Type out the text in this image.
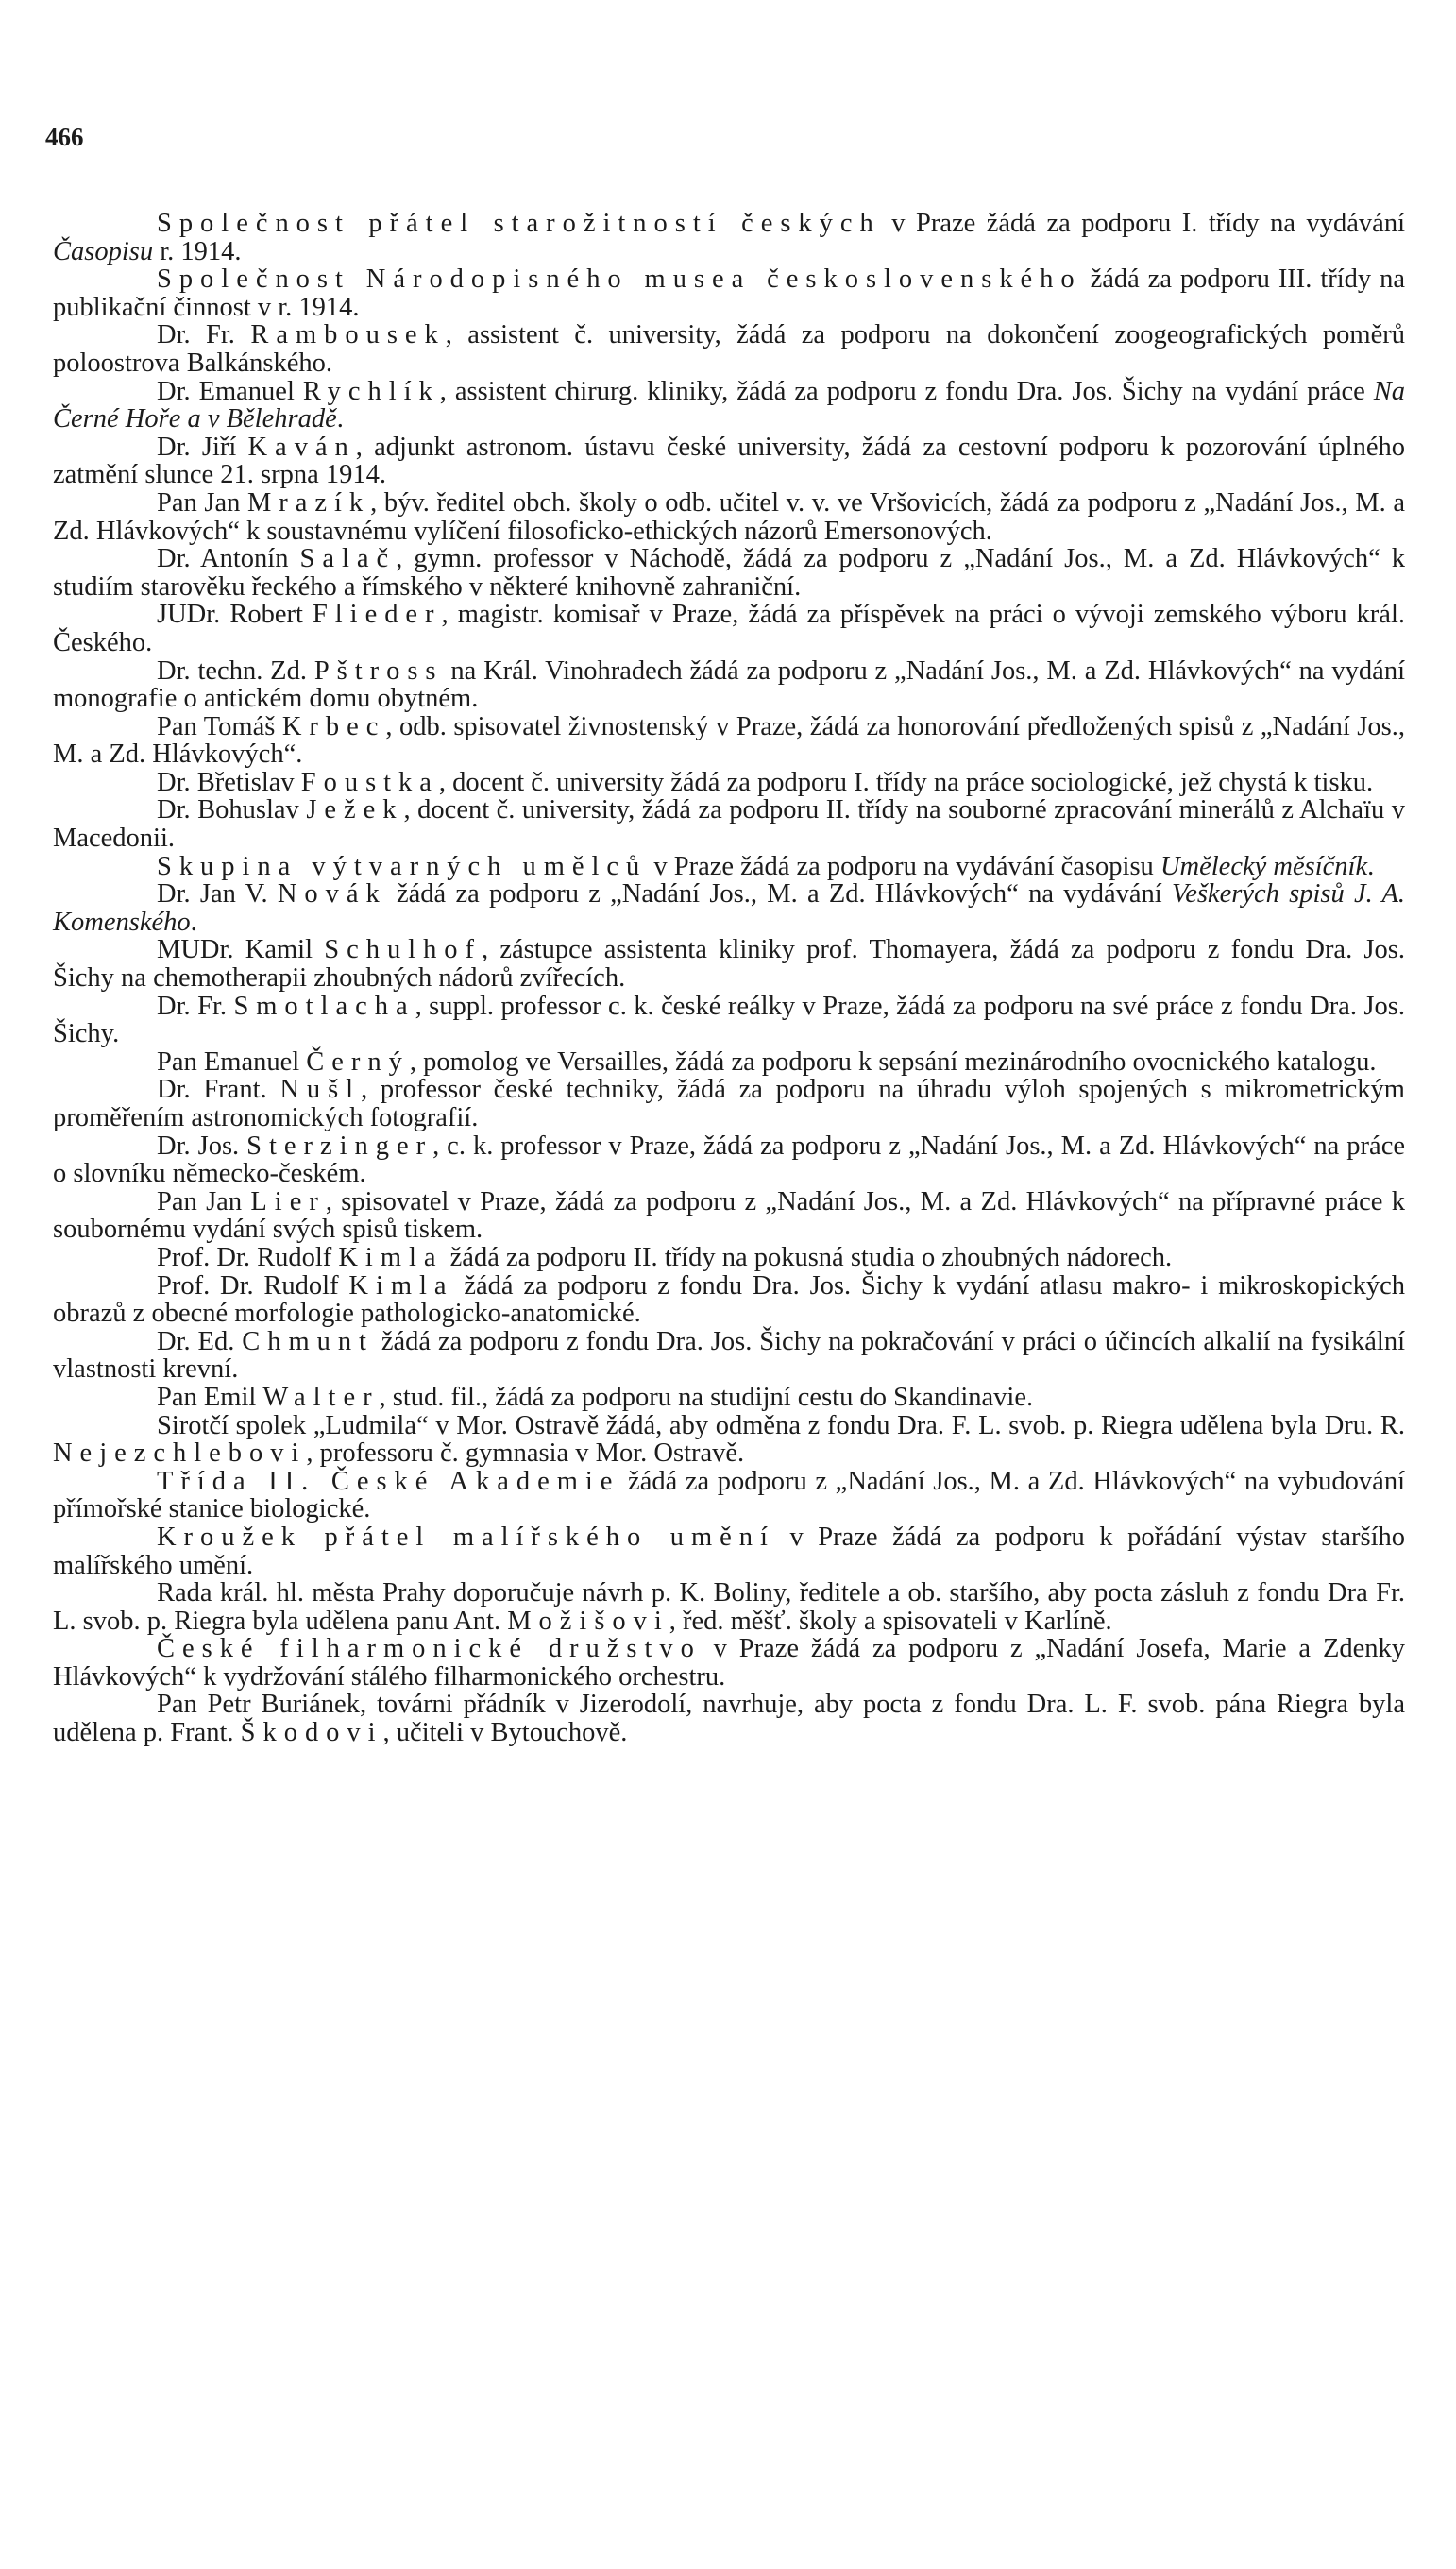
466

Společnost přátel starožitností českých v Praze žádá za podporu I. třídy na vydávání Časopisu r. 1914.

Společnost Národopisného musea československého žádá za podporu III. třídy na publikační činnost v r. 1914.

Dr. Fr. Rambousek, assistent č. university, žádá za podporu na dokončení zoogeografických poměrů poloostrova Balkánského.

Dr. Emanuel Rychlík, assistent chirurg. kliniky, žádá za podporu z fondu Dra. Jos. Šichy na vydání práce Na Černé Hoře a v Bělehradě.

Dr. Jiří Kaván, adjunkt astronom. ústavu české university, žádá za cestovní podporu k pozorování úplného zatmění slunce 21. srpna 1914.

Pan Jan Mrazík, býv. ředitel obch. školy o odb. učitel v. v. ve Vršovicích, žádá za podporu z „Nadání Jos., M. a Zd. Hlávkových“ k soustavnému vylíčení filosoficko-ethických názorů Emersonových.

Dr. Antonín Salač, gymn. professor v Náchodě, žádá za podporu z „Nadání Jos., M. a Zd. Hlávkových“ k studiím starověku řeckého a římského v některé knihovně zahraniční.

JUDr. Robert Flieder, magistr. komisař v Praze, žádá za příspěvek na práci o vývoji zemského výboru král. Českého.

Dr. techn. Zd. Pštross na Král. Vinohradech žádá za podporu z „Nadání Jos., M. a Zd. Hlávkových“ na vydání monografie o antickém domu obytném.

Pan Tomáš Krbec, odb. spisovatel živnostenský v Praze, žádá za honorování předložených spisů z „Nadání Jos., M. a Zd. Hlávkových“.

Dr. Břetislav Foustka, docent č. university žádá za podporu I. třídy na práce sociologické, jež chystá k tisku.

Dr. Bohuslav Ježek, docent č. university, žádá za podporu II. třídy na souborné zpracování minerálů z Alchaïu v Macedonii.

Skupina výtvarných umělců v Praze žádá za podporu na vydávání časopisu Umělecký měsíčník.

Dr. Jan V. Novák žádá za podporu z „Nadání Jos., M. a Zd. Hlávkových“ na vydávání Veškerých spisů J. A. Komenského.

MUDr. Kamil Schulhof, zástupce assistenta kliniky prof. Thomayera, žádá za podporu z fondu Dra. Jos. Šichy na chemotherapii zhoubných nádorů zvířecích.

Dr. Fr. Smotlacha, suppl. professor c. k. české reálky v Praze, žádá za podporu na své práce z fondu Dra. Jos. Šichy.

Pan Emanuel Černý, pomolog ve Versailles, žádá za podporu k sepsání mezinárodního ovocnického katalogu.

Dr. Frant. Nušl, professor české techniky, žádá za podporu na úhradu výloh spojených s mikrometrickým proměřením astronomických fotografií.

Dr. Jos. Sterzinger, c. k. professor v Praze, žádá za podporu z „Nadání Jos., M. a Zd. Hlávkových“ na práce o slovníku německo-českém.

Pan Jan Lier, spisovatel v Praze, žádá za podporu z „Nadání Jos., M. a Zd. Hlávkových“ na přípravné práce k soubornému vydání svých spisů tiskem.

Prof. Dr. Rudolf Kimla žádá za podporu II. třídy na pokusná studia o zhoubných nádorech.

Prof. Dr. Rudolf Kimla žádá za podporu z fondu Dra. Jos. Šichy k vydání atlasu makro- i mikroskopických obrazů z obecné morfologie pathologicko-anatomické.

Dr. Ed. Chmunt žádá za podporu z fondu Dra. Jos. Šichy na pokračování v práci o účincích alkalií na fysikální vlastnosti krevní.

Pan Emil Walter, stud. fil., žádá za podporu na studijní cestu do Skandinavie.

Sirotčí spolek „Ludmila“ v Mor. Ostravě žádá, aby odměna z fondu Dra. F. L. svob. p. Riegra udělena byla Dru. R. Nejezchlebovi, professoru č. gymnasia v Mor. Ostravě.

Třída II. České Akademie žádá za podporu z „Nadání Jos., M. a Zd. Hlávkových“ na vybudování přímořské stanice biologické.

Kroužek přátel malířského umění v Praze žádá za podporu k pořádání výstav staršího malířského umění.

Rada král. hl. města Prahy doporučuje návrh p. K. Boliny, ředitele a ob. staršího, aby pocta zásluh z fondu Dra Fr. L. svob. p. Riegra byla udělena panu Ant. Možišovi, řed. měšť. školy a spisovateli v Karlíně.

České filharmonické družstvo v Praze žádá za podporu z „Nadání Josefa, Marie a Zdenky Hlávkových“ k vydržování stálého filharmonického orchestru.

Pan Petr Buriánek, továrni přádník v Jizerodolí, navrhuje, aby pocta z fondu Dra. L. F. svob. pána Riegra byla udělena p. Frant. Škodovi, učiteli v Bytouchově.
